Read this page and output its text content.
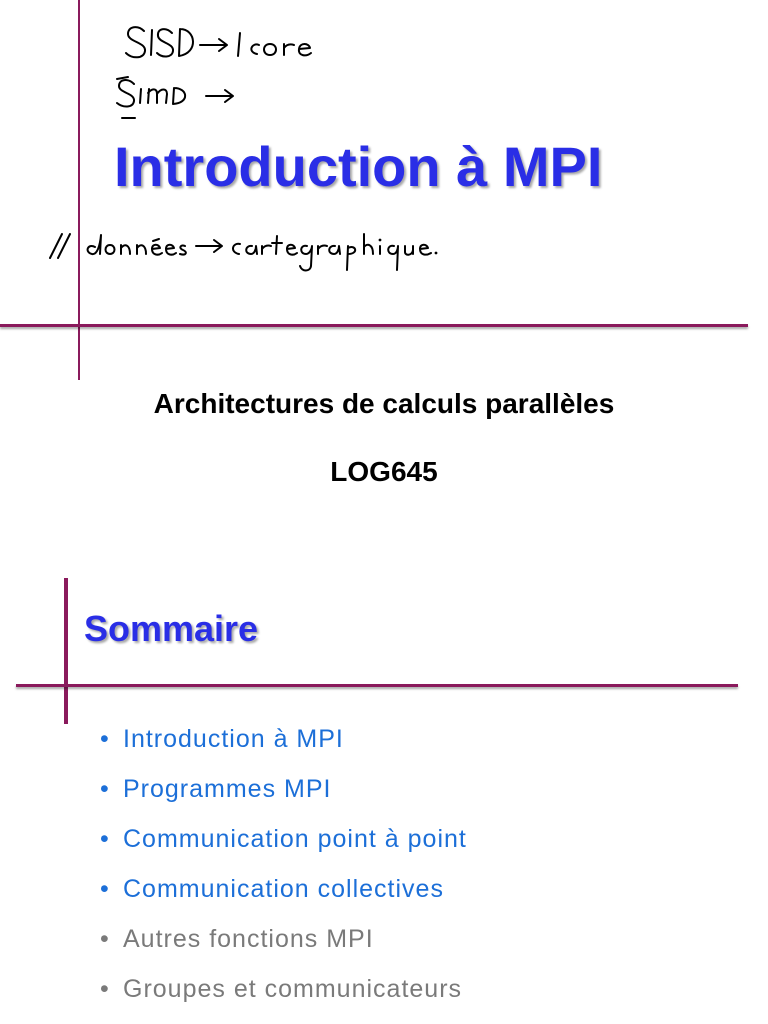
Introduction à MPI

Architectures de calculs parallèles

LOG645

Sommaire
• Introduction à MPI
• Programmes MPI
• Communication point à point
• Communication collectives
• Autres fonctions MPI
• Groupes et communicateurs
